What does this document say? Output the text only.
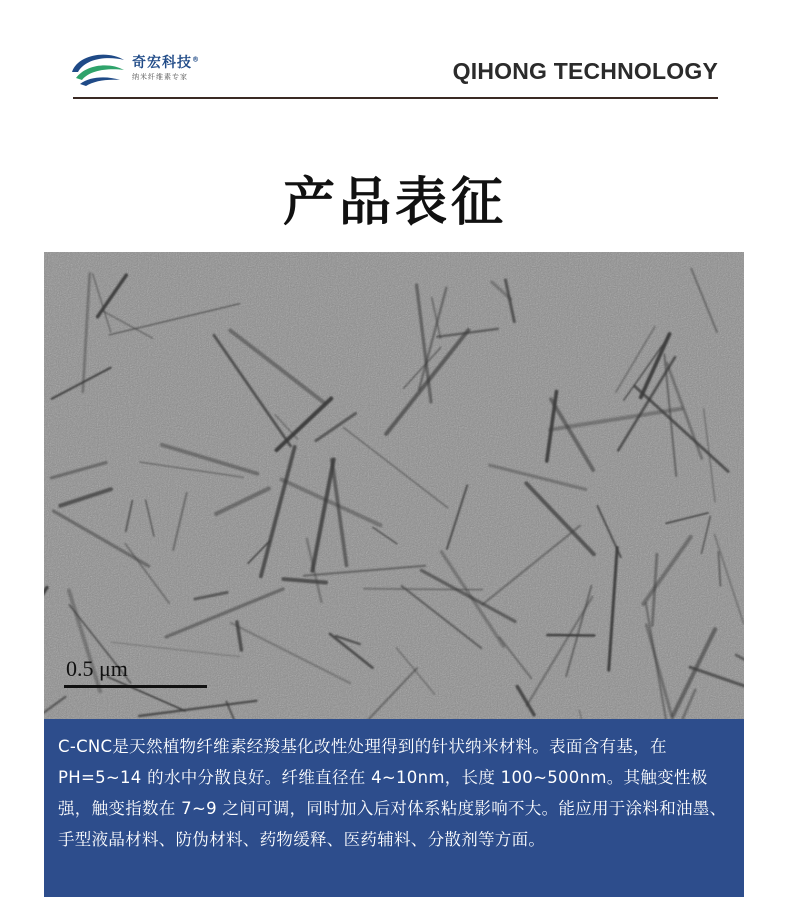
奇宏科技®
纳米纤维素专家	QIHONG TECHNOLOGY
产品表征
0.5 μm

C-CNC是天然植物纤维素经羧基化改性处理得到的针状纳米材料。表面含有基，在PH=5~14 的水中分散良好。纤维直径在 4~10nm，长度 100~500nm。其触变性极强，触变指数在 7~9 之间可调，同时加入后对体系粘度影响不大。能应用于涂料和油墨、手型液晶材料、防伪材料、药物缓释、医药辅料、分散剂等方面。
